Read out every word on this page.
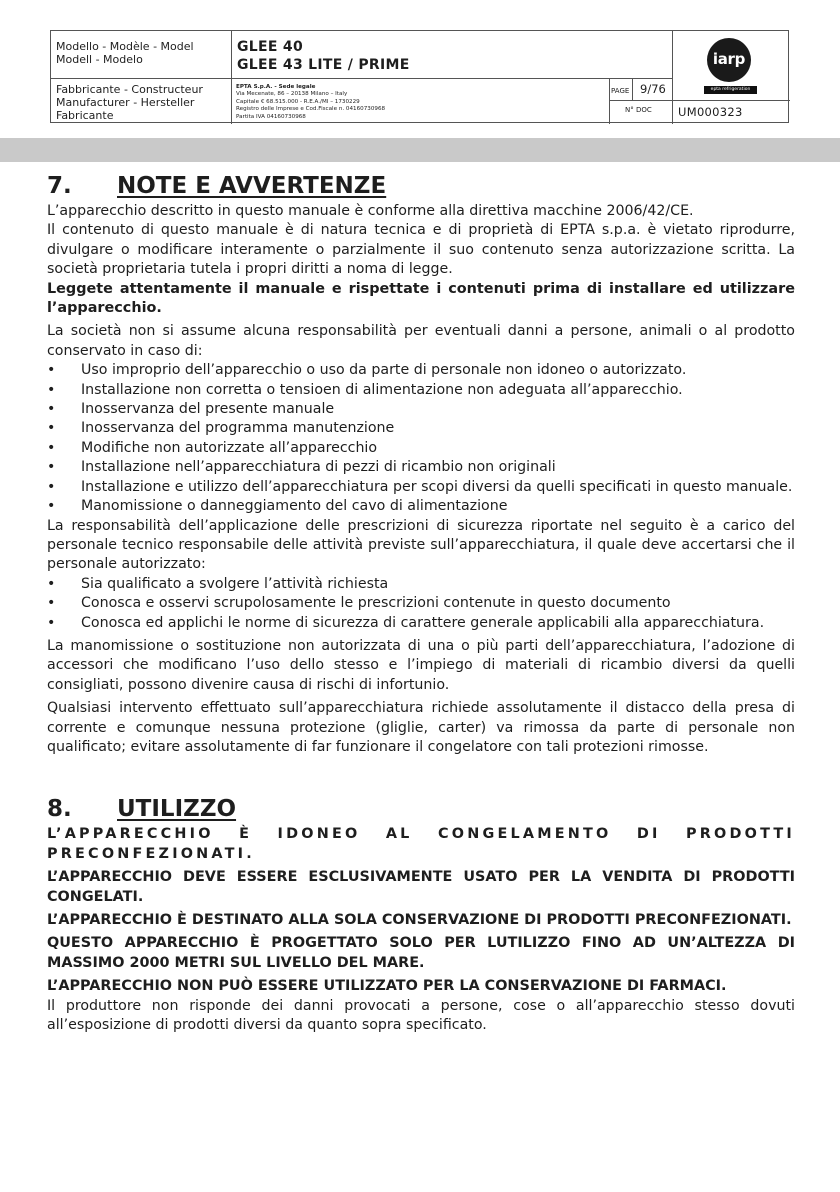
Modello - Modèle - Model
Modell - Modelo
GLEE 40
GLEE 43 LITE / PRIME	iarp
epta refrigeration
Fabbricante - Constructeur
Manufacturer - Hersteller
Fabricante
EPTA S.p.A. - Sede legale
Via Mecenate, 86 – 20138 Milano – Italy
Capitale € 68.515.000 - R.E.A./MI – 1730229
Registro delle Imprese e Cod.Fiscale n. 04160730968
Partita IVA 04160730968
PAGE 9/76
N° DOC	UM000323
7. NOTE E AVVERTENZE

L’apparecchio descritto in questo manuale è conforme alla direttiva macchine 2006/42/CE.

Il contenuto di questo manuale è di natura tecnica e di proprietà di EPTA s.p.a. è vietato riprodurre, divulgare o modificare interamente o parzialmente il suo contenuto senza autorizzazione scritta. La società proprietaria tutela i propri diritti a noma di legge.

Leggete attentamente il manuale e rispettate i contenuti prima di installare ed utilizzare l’apparecchio.

La società non si assume alcuna responsabilità per eventuali danni a persone, animali o al prodotto conservato in caso di:

• Uso improprio dell’apparecchio o uso da parte di personale non idoneo o autorizzato.
• Installazione non corretta o tensioen di alimentazione non adeguata all’apparecchio.
• Inosservanza del presente manuale
• Inosservanza del programma manutenzione
• Modifiche non autorizzate all’apparecchio
• Installazione nell’apparecchiatura di pezzi di ricambio non originali
• Installazione e utilizzo dell’apparecchiatura per scopi diversi da quelli specificati in questo manuale.
• Manomissione o danneggiamento del cavo di alimentazione

La responsabilità dell’applicazione delle prescrizioni di sicurezza riportate nel seguito è a carico del personale tecnico responsabile delle attività previste sull’apparecchiatura, il quale deve accertarsi che il personale autorizzato:

• Sia qualificato a svolgere l’attività richiesta
• Conosca e osservi scrupolosamente le prescrizioni contenute in questo documento
• Conosca ed applichi le norme di sicurezza di carattere generale applicabili alla apparecchiatura.

La manomissione o sostituzione non autorizzata di una o più parti dell’apparecchiatura, l’adozione di accessori che modificano l’uso dello stesso e l’impiego di materiali di ricambio diversi da quelli consigliati, possono divenire causa di rischi di infortunio.

Qualsiasi intervento effettuato sull’apparecchiatura richiede assolutamente il distacco della presa di corrente e comunque nessuna protezione (gliglie, carter) va rimossa da parte di personale non qualificato; evitare assolutamente di far funzionare il congelatore con tali protezioni rimosse.

8. UTILIZZO

L’APPARECCHIO È IDONEO AL CONGELAMENTO DI PRODOTTI PRECONFEZIONATI.

L’APPARECCHIO DEVE ESSERE ESCLUSIVAMENTE USATO PER LA VENDITA DI PRODOTTI CONGELATI.

L’APPARECCHIO È DESTINATO ALLA SOLA CONSERVAZIONE DI PRODOTTI PRECONFEZIONATI.

QUESTO APPARECCHIO È PROGETTATO SOLO PER LUTILIZZO FINO AD UN’ALTEZZA DI MASSIMO 2000 METRI SUL LIVELLO DEL MARE.

L’APPARECCHIO NON PUÒ ESSERE UTILIZZATO PER LA CONSERVAZIONE DI FARMACI.

Il produttore non risponde dei danni provocati a persone, cose o all’apparecchio stesso dovuti all’esposizione di prodotti diversi da quanto sopra specificato.
